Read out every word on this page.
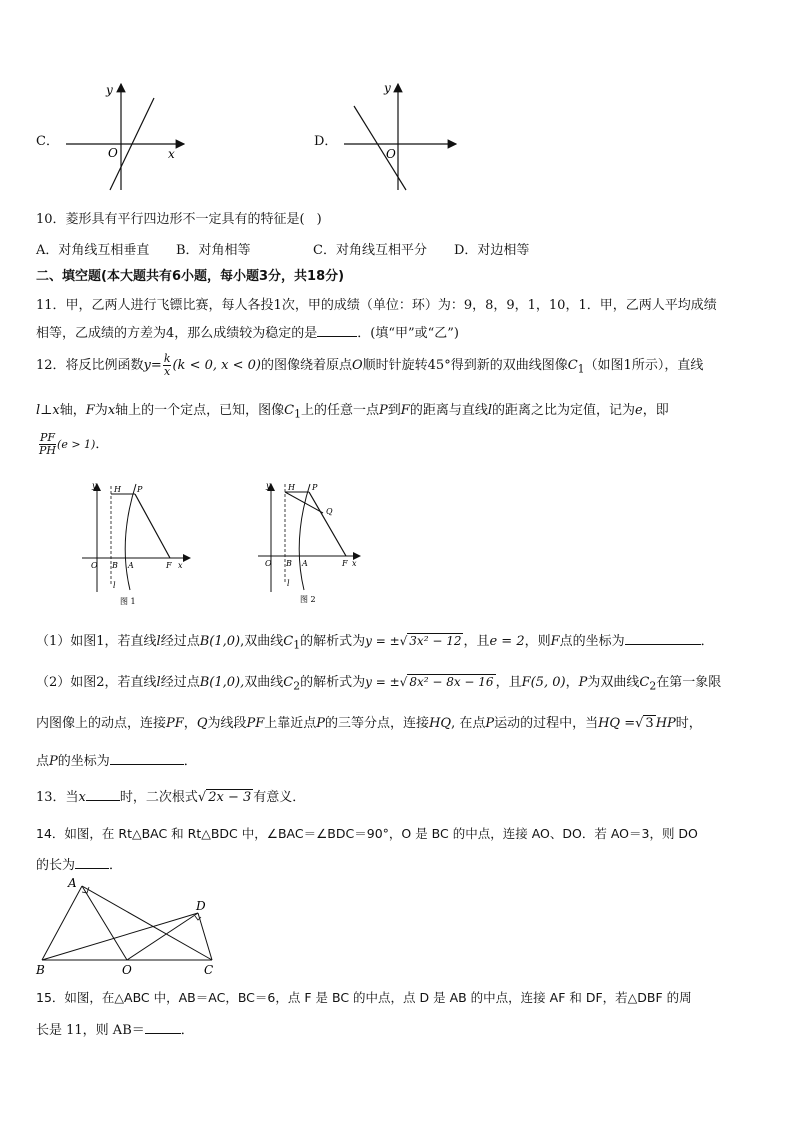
C．
y
x
O
D．
y
O
10．菱形具有平行四边形不一定具有的特征是( )
A．对角线互相垂直 B．对角相等	C．对角线互相平分 D．对边相等
二、填空题(本大题共有6小题，每小题3分，共18分)
11．甲，乙两人进行飞镖比赛，每人各投1次，甲的成绩（单位：环）为：9，8，9，1，10，1．甲，乙两人平均成绩
相等，乙成绩的方差为4，那么成绩较为稳定的是	．(填“甲”或“乙”)
12．将反比例函数$y= \frac{k}{x} (k < 0$, x < 0)的图像绕着原点O顺时针旋转45°得到新的双曲线图像$C_1$（如图1所示），直线
l⊥x轴，F为x轴上的一个定点，已知，图像$C_1$上的任意一点P到F的距离与直线l的距离之比为定值，记为e，即
$\frac{PF}{PH} (e > 1)$．
y H P
O B A	F x
l
图 1
y H P
Q
O B A	F x
l
图 2
（1）如图1，若直线l经过点B(1,0),双曲线$C_1$的解析式为y = ±√ 3x² − 12 ，且e = 2，则F点的坐标为	．
（2）如图2，若直线l经过点B(1,0),双曲线$C_2$的解析式为y = ±√ 8x² − 8x − 16 ，且F(5, 0)，P为双曲线$C_2$在第一象限
内图像上的动点，连接PF，Q为线段PF上靠近点P的三等分点，连接HQ, 在点P运动的过程中，当HQ =√ 3 HP时，
点P的坐标为	．
13．当x	时，二次根式√ 2x − 3 有意义．
14．如图，在 Rt△BAC 和 Rt△BDC 中，∠BAC＝∠BDC＝90°，O 是 BC 的中点，连接 AO、DO．若 AO＝3，则 DO
的长为	．
A
D
B	O	C
15．如图，在△ABC 中，AB＝AC，BC＝6，点 F 是 BC 的中点，点 D 是 AB 的中点，连接 AF 和 DF，若△DBF 的周
长是 11，则 AB＝	．
